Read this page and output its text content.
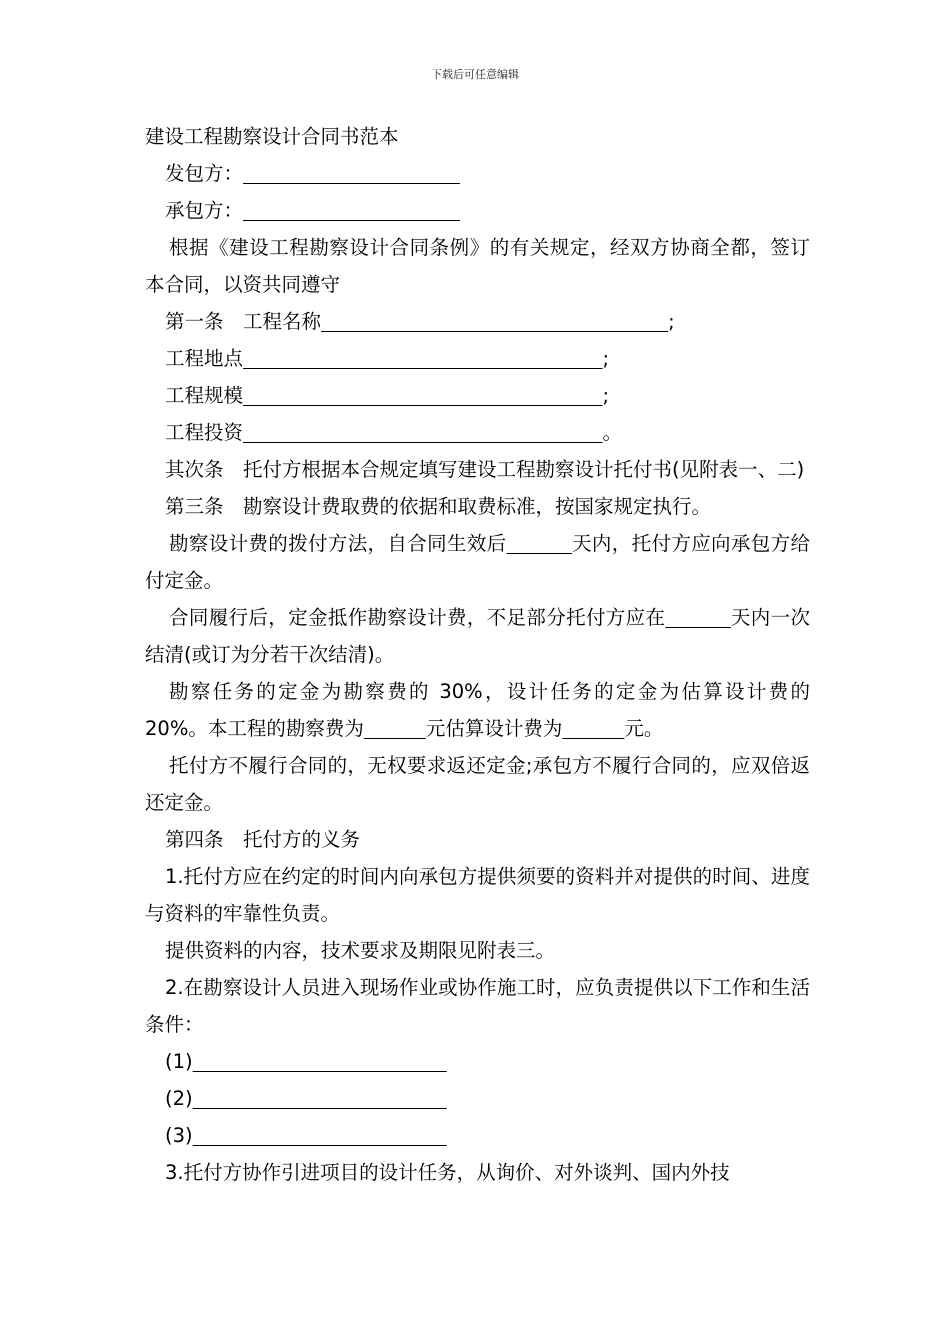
下载后可任意编辑

建设工程勘察设计合同书范本

发包方：

承包方：

根据《建设工程勘察设计合同条例》的有关规定，经双方协商全都，签订本合同，以资共同遵守

第一条　工程名称	;

工程地点	;

工程规模	;

工程投资	。

其次条　托付方根据本合规定填写建设工程勘察设计托付书(见附表一、二)

第三条　勘察设计费取费的依据和取费标准，按国家规定执行。

勘察设计费的拨付方法，自合同生效后	天内，托付方应向承包方给付定金。

合同履行后，定金抵作勘察设计费，不足部分托付方应在	天内一次结清(或订为分若干次结清)。

勘察任务的定金为勘察费的 30%，设计任务的定金为估算设计费的 20%。本工程的勘察费为	元估算设计费为	元。

托付方不履行合同的，无权要求返还定金;承包方不履行合同的，应双倍返还定金。

第四条　托付方的义务

1.托付方应在约定的时间内向承包方提供须要的资料并对提供的时间、进度与资料的牢靠性负责。

提供资料的内容，技术要求及期限见附表三。

2.在勘察设计人员进入现场作业或协作施工时，应负责提供以下工作和生活条件：

(1)

(2)

(3)

3.托付方协作引进项目的设计任务，从询价、对外谈判、国内外技
